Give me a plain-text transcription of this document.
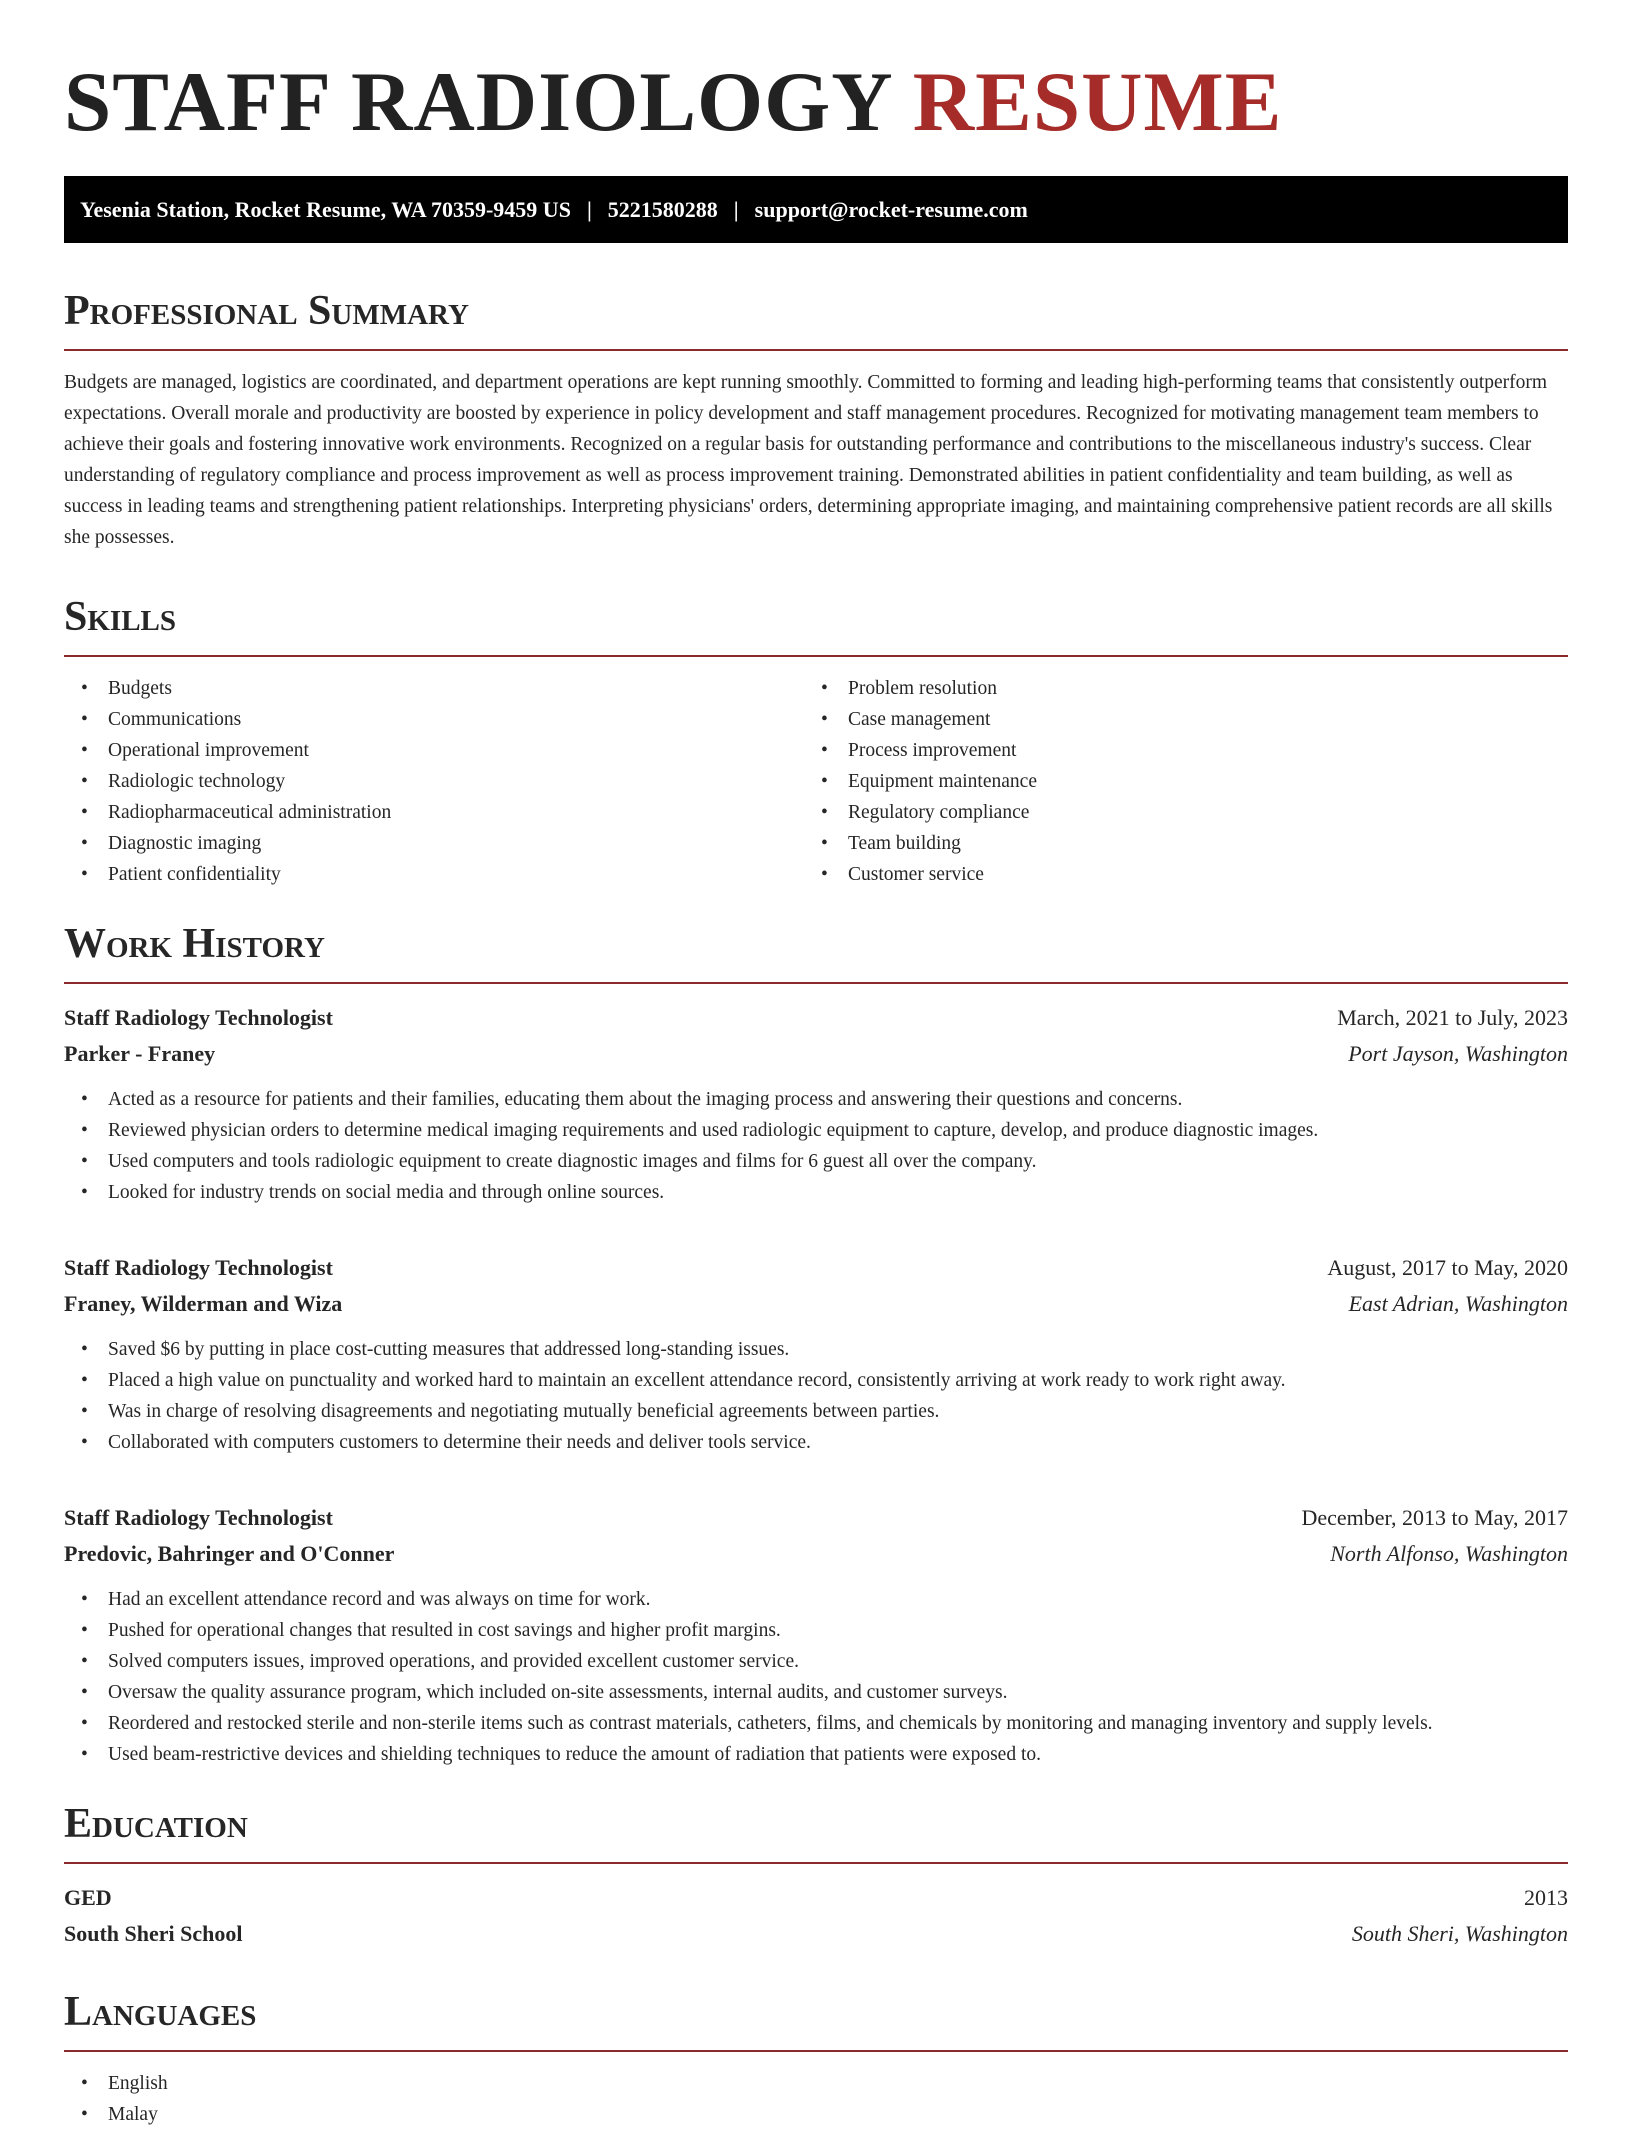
STAFF RADIOLOGY RESUME
Yesenia Station, Rocket Resume, WA 70359-9459 US | 5221580288 | support@rocket-resume.com
Professional Summary

Budgets are managed, logistics are coordinated, and department operations are kept running smoothly. Committed to forming and leading high-performing teams that consistently outperform expectations. Overall morale and productivity are boosted by experience in policy development and staff management procedures. Recognized for motivating management team members to achieve their goals and fostering innovative work environments. Recognized on a regular basis for outstanding performance and contributions to the miscellaneous industry's success. Clear understanding of regulatory compliance and process improvement as well as process improvement training. Demonstrated abilities in patient confidentiality and team building, as well as success in leading teams and strengthening patient relationships. Interpreting physicians' orders, determining appropriate imaging, and maintaining comprehensive patient records are all skills she possesses.

Skills
• Budgets
• Communications
• Operational improvement
• Radiologic technology
• Radiopharmaceutical administration
• Diagnostic imaging
• Patient confidentiality
• Problem resolution
• Case management
• Process improvement
• Equipment maintenance
• Regulatory compliance
• Team building
• Customer service
Work History
Staff Radiology Technologist	March, 2021 to July, 2023
Parker - Franey	Port Jayson, Washington
• Acted as a resource for patients and their families, educating them about the imaging process and answering their questions and concerns.
• Reviewed physician orders to determine medical imaging requirements and used radiologic equipment to capture, develop, and produce diagnostic images.
• Used computers and tools radiologic equipment to create diagnostic images and films for 6 guest all over the company.
• Looked for industry trends on social media and through online sources.
Staff Radiology Technologist	August, 2017 to May, 2020
Franey, Wilderman and Wiza	East Adrian, Washington
• Saved $6 by putting in place cost-cutting measures that addressed long-standing issues.
• Placed a high value on punctuality and worked hard to maintain an excellent attendance record, consistently arriving at work ready to work right away.
• Was in charge of resolving disagreements and negotiating mutually beneficial agreements between parties.
• Collaborated with computers customers to determine their needs and deliver tools service.
Staff Radiology Technologist	December, 2013 to May, 2017
Predovic, Bahringer and O'Conner	North Alfonso, Washington
• Had an excellent attendance record and was always on time for work.
• Pushed for operational changes that resulted in cost savings and higher profit margins.
• Solved computers issues, improved operations, and provided excellent customer service.
• Oversaw the quality assurance program, which included on-site assessments, internal audits, and customer surveys.
• Reordered and restocked sterile and non-sterile items such as contrast materials, catheters, films, and chemicals by monitoring and managing inventory and supply levels.
• Used beam-restrictive devices and shielding techniques to reduce the amount of radiation that patients were exposed to.
Education
GED	2013
South Sheri School	South Sheri, Washington
Languages
• English
• Malay
